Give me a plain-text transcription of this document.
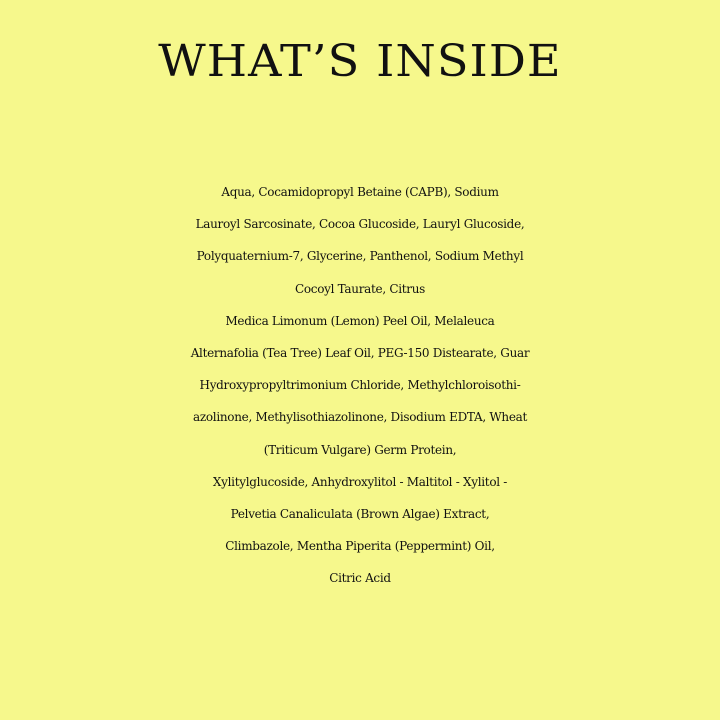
WHAT’S INSIDE
Aqua, Cocamidopropyl Betaine (CAPB), Sodium
Lauroyl Sarcosinate, Cocoa Glucoside, Lauryl Glucoside,
Polyquaternium-7, Glycerine, Panthenol, Sodium Methyl
Cocoyl Taurate, Citrus
Medica Limonum (Lemon) Peel Oil, Melaleuca
Alternafolia (Tea Tree) Leaf Oil, PEG-150 Distearate, Guar
Hydroxypropyltrimonium Chloride, Methylchloroisothi-
azolinone, Methylisothiazolinone, Disodium EDTA, Wheat
(Triticum Vulgare) Germ Protein,
Xylitylglucoside, Anhydroxylitol - Maltitol - Xylitol -
Pelvetia Canaliculata (Brown Algae) Extract,
Climbazole, Mentha Piperita (Peppermint) Oil,
Citric Acid
